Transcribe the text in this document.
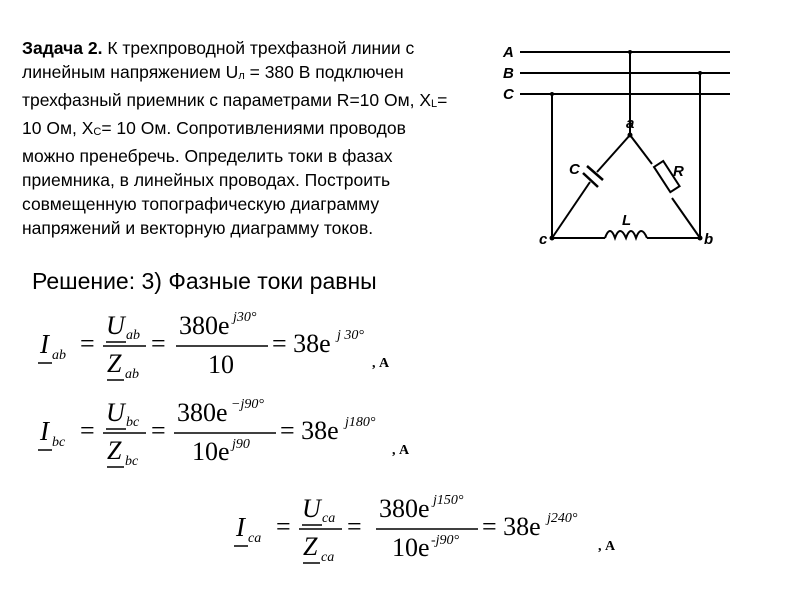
Задача 2. К трехпроводной трехфазной линии с линейным напряжением Uл = 380 В подключен трехфазный приемник с параметрами R=10 Ом, XL= 10 Ом, XC= 10 Ом. Сопротивлениями проводов можно пренебречь. Определить токи в фазах приемника, в линейных проводах. Построить совмещенную топографическую диаграмму напряжений и векторную диаграмму токов.
A
B
C
a
b
c
C	R
L
Решение: 3) Фазные токи равны
I ab =
U ab
Z ab
=
380e j30°
10
= 38e j 30°
, А
I bc =
U bc
Z bc
=
380e −j90°
10e j90 = 38e j180°
, А
I ca =
U ca
Z ca
=
380e j150°
10e -j90° = 38e j240°
, А
